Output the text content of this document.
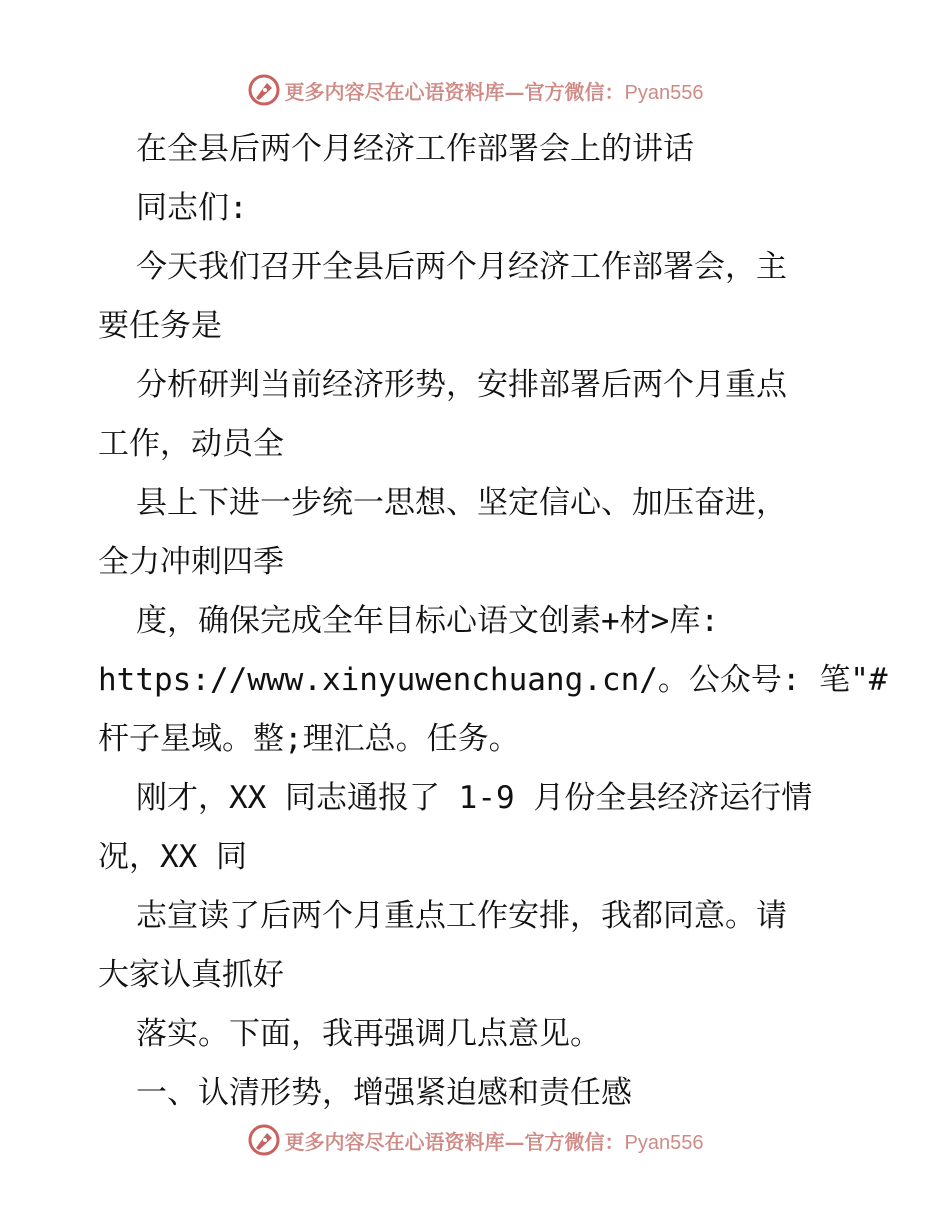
更多内容尽在心语资料库—官方微信：Pyan556
在全县后两个月经济工作部署会上的讲话
同志们:
今天我们召开全县后两个月经济工作部署会，主
要任务是
分析研判当前经济形势，安排部署后两个月重点
工作，动员全
县上下进一步统一思想、坚定信心、加压奋进，
全力冲刺四季
度，确保完成全年目标心语文创素+材>库:
https://www.xinyuwenchuang.cn/。公众号: 笔"#
杆子星域。整;理汇总。任务。
刚才，XX 同志通报了 1-9 月份全县经济运行情
况，XX 同
志宣读了后两个月重点工作安排，我都同意。请
大家认真抓好
落实。下面，我再强调几点意见。
一、认清形势，增强紧迫感和责任感
更多内容尽在心语资料库—官方微信：Pyan556
